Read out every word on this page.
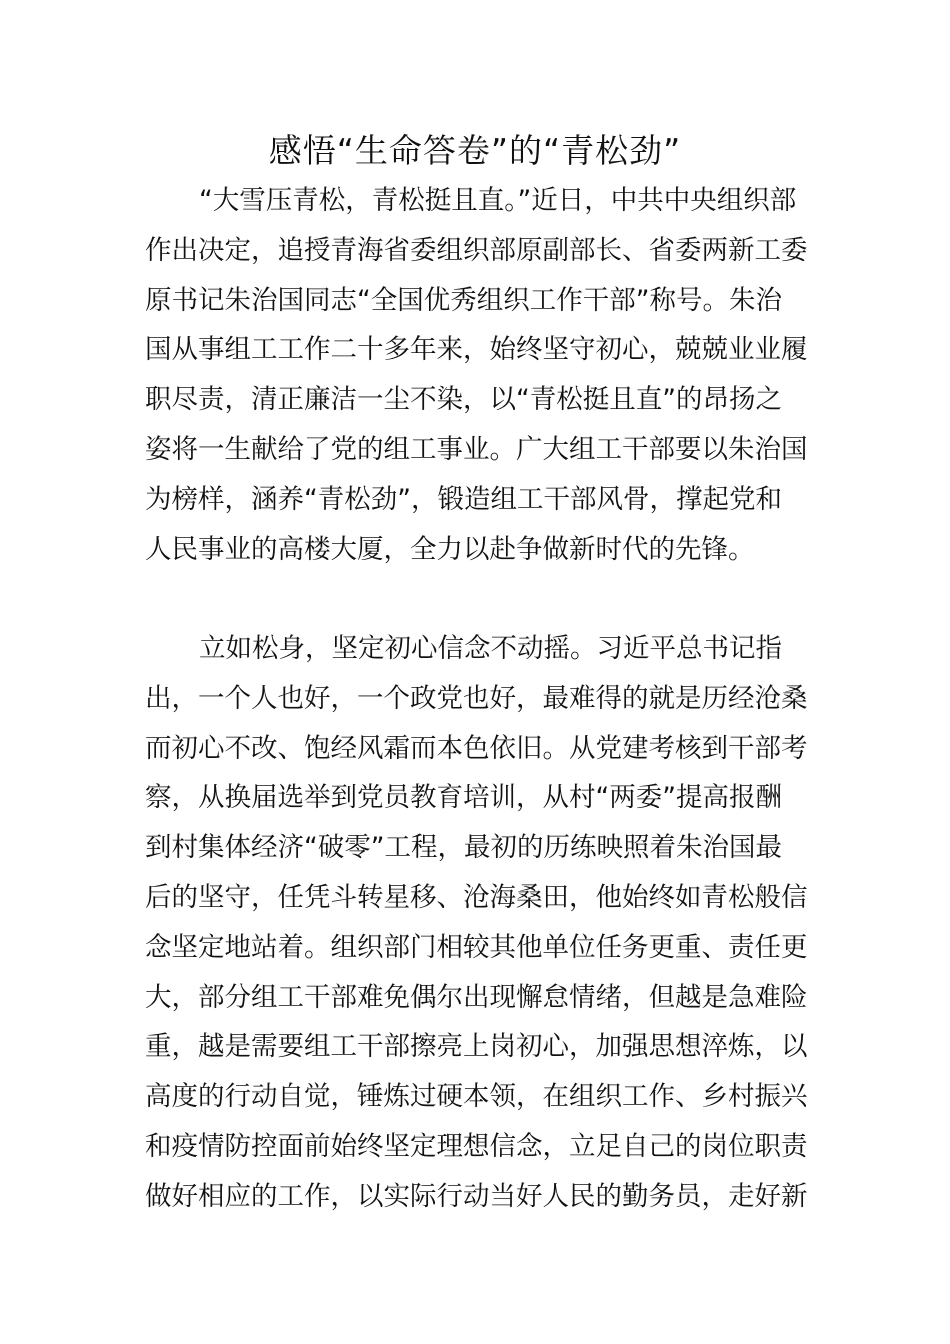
感悟“生命答卷”的“青松劲”
“大雪压青松，青松挺且直。”近日，中共中央组织部
作出决定，追授青海省委组织部原副部长、省委两新工委
原书记朱治国同志“全国优秀组织工作干部”称号。朱治
国从事组工工作二十多年来，始终坚守初心，兢兢业业履
职尽责，清正廉洁一尘不染，以“青松挺且直”的昂扬之
姿将一生献给了党的组工事业。广大组工干部要以朱治国
为榜样，涵养“青松劲”，锻造组工干部风骨，撑起党和
人民事业的高楼大厦，全力以赴争做新时代的先锋。
立如松身，坚定初心信念不动摇。习近平总书记指
出，一个人也好，一个政党也好，最难得的就是历经沧桑
而初心不改、饱经风霜而本色依旧。从党建考核到干部考
察，从换届选举到党员教育培训，从村“两委”提高报酬
到村集体经济“破零”工程，最初的历练映照着朱治国最
后的坚守，任凭斗转星移、沧海桑田，他始终如青松般信
念坚定地站着。组织部门相较其他单位任务更重、责任更
大，部分组工干部难免偶尔出现懈怠情绪，但越是急难险
重，越是需要组工干部擦亮上岗初心，加强思想淬炼，以
高度的行动自觉，锤炼过硬本领，在组织工作、乡村振兴
和疫情防控面前始终坚定理想信念，立足自己的岗位职责
做好相应的工作，以实际行动当好人民的勤务员，走好新
